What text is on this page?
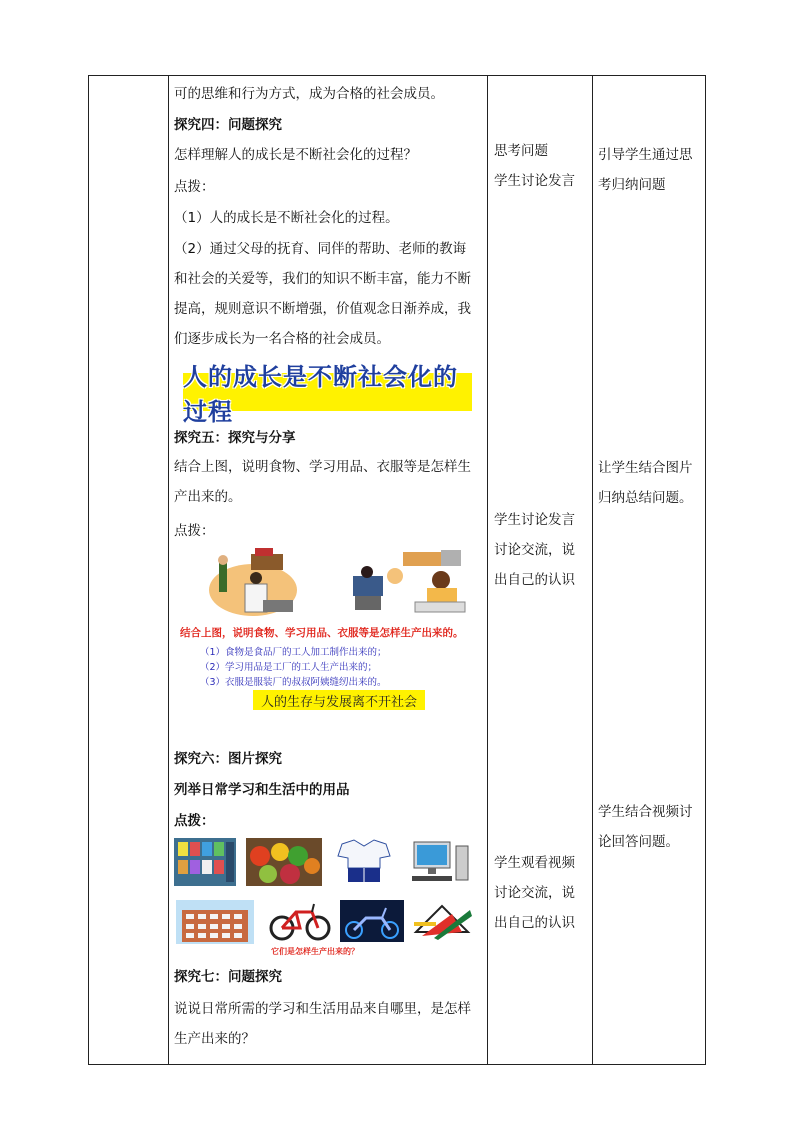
可的思维和行为方式，成为合格的社会成员。
探究四：问题探究
怎样理解人的成长是不断社会化的过程？
点拨：
（1）人的成长是不断社会化的过程。
（2）通过父母的抚育、同伴的帮助、老师的教诲和社会的关爱等，我们的知识不断丰富，能力不断提高，规则意识不断增强，价值观念日渐养成，我们逐步成长为一名合格的社会成员。
人的成长是不断社会化的过程
探究五：探究与分享
结合上图，说明食物、学习用品、衣服等是怎样生产出来的。
点拨：
结合上图，说明食物、学习用品、衣服等是怎样生产出来的。
（1）食物是食品厂的工人加工制作出来的；
（2）学习用品是工厂的工人生产出来的；
（3）衣服是服装厂的叔叔阿姨缝纫出来的。
人的生存与发展离不开社会
探究六：图片探究
列举日常学习和生活中的用品
点拨：
它们是怎样生产出来的？
探究七：问题探究
说说日常所需的学习和生活用品来自哪里，是怎样生产出来的？
思考问题
学生讨论发言
学生讨论发言
讨论交流，说
出自己的认识
学生观看视频
讨论交流，说
出自己的认识
引导学生通过思
考归纳问题
让学生结合图片
归纳总结问题。
学生结合视频讨
论回答问题。
